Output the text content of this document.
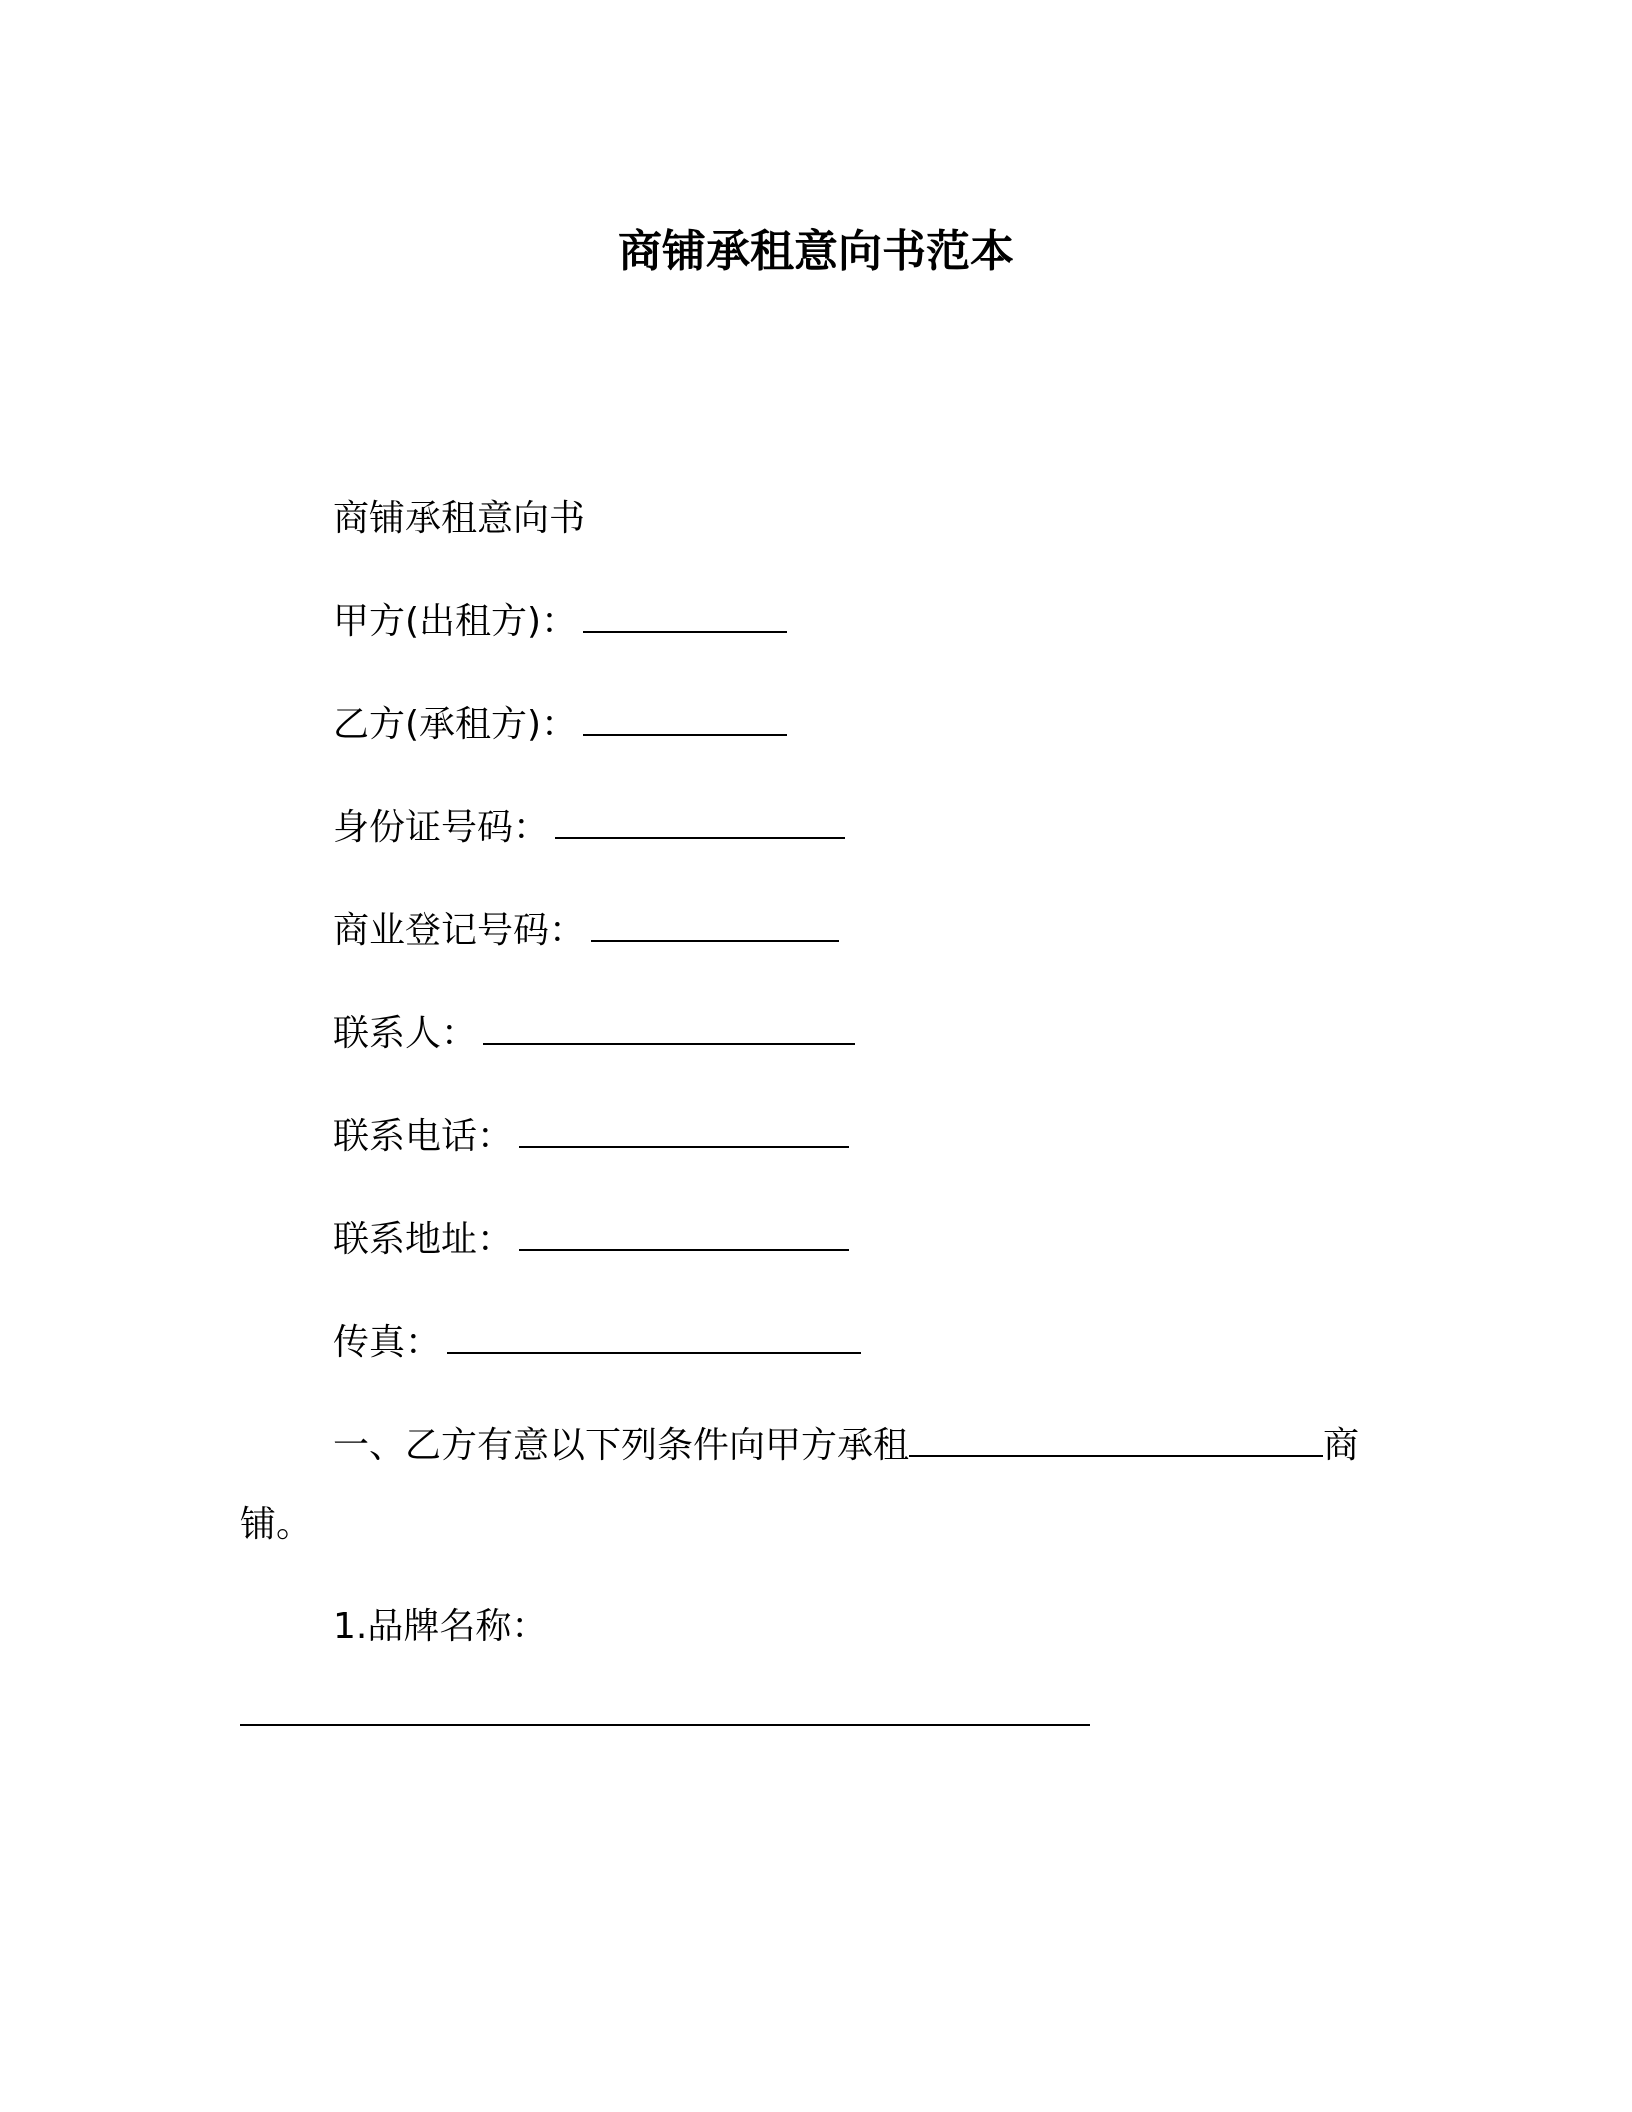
商铺承租意向书范本
商铺承租意向书
甲方(出租方)：
乙方(承租方)：
身份证号码：
商业登记号码：
联系人：
联系电话：
联系地址：
传真：
一、乙方有意以下列条件向甲方承租	商
铺。
1.品牌名称：
